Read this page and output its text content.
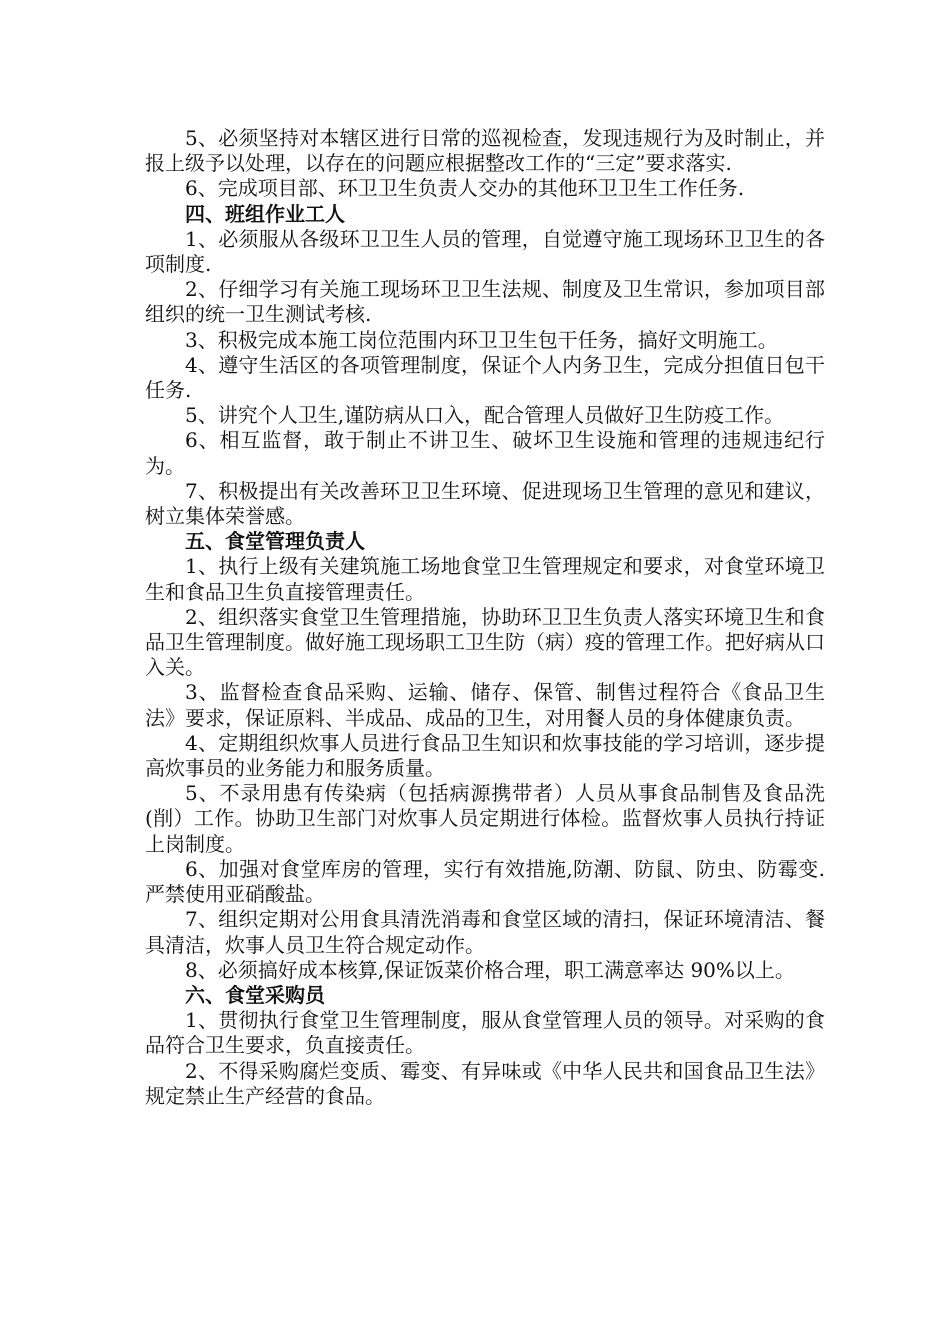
5、必须坚持对本辖区进行日常的巡视检查，发现违规行为及时制止，并报上级予以处理，以存在的问题应根据整改工作的“三定”要求落实.

6、完成项目部、环卫卫生负责人交办的其他环卫卫生工作任务.

四、班组作业工人

1、必须服从各级环卫卫生人员的管理，自觉遵守施工现场环卫卫生的各项制度.

2、仔细学习有关施工现场环卫卫生法规、制度及卫生常识，参加项目部组织的统一卫生测试考核.

3、积极完成本施工岗位范围内环卫卫生包干任务，搞好文明施工。

4、遵守生活区的各项管理制度，保证个人内务卫生，完成分担值日包干任务.

5、讲究个人卫生,谨防病从口入，配合管理人员做好卫生防疫工作。

6、相互监督，敢于制止不讲卫生、破坏卫生设施和管理的违规违纪行为。

7、积极提出有关改善环卫卫生环境、促进现场卫生管理的意见和建议，树立集体荣誉感。

五、食堂管理负责人

1、执行上级有关建筑施工场地食堂卫生管理规定和要求，对食堂环境卫生和食品卫生负直接管理责任。

2、组织落实食堂卫生管理措施，协助环卫卫生负责人落实环境卫生和食品卫生管理制度。做好施工现场职工卫生防（病）疫的管理工作。把好病从口入关。

3、监督检查食品采购、运输、储存、保管、制售过程符合《食品卫生法》要求，保证原料、半成品、成品的卫生，对用餐人员的身体健康负责。

4、定期组织炊事人员进行食品卫生知识和炊事技能的学习培训，逐步提高炊事员的业务能力和服务质量。

5、不录用患有传染病（包括病源携带者）人员从事食品制售及食品洗(削）工作。协助卫生部门对炊事人员定期进行体检。监督炊事人员执行持证上岗制度。

6、加强对食堂库房的管理，实行有效措施,防潮、防鼠、防虫、防霉变.严禁使用亚硝酸盐。

7、组织定期对公用食具清洗消毒和食堂区域的清扫，保证环境清洁、餐具清洁，炊事人员卫生符合规定动作。

8、必须搞好成本核算,保证饭菜价格合理，职工满意率达 90%以上。

六、食堂采购员

1、贯彻执行食堂卫生管理制度，服从食堂管理人员的领导。对采购的食品符合卫生要求，负直接责任。

2、不得采购腐烂变质、霉变、有异味或《中华人民共和国食品卫生法》规定禁止生产经营的食品。
